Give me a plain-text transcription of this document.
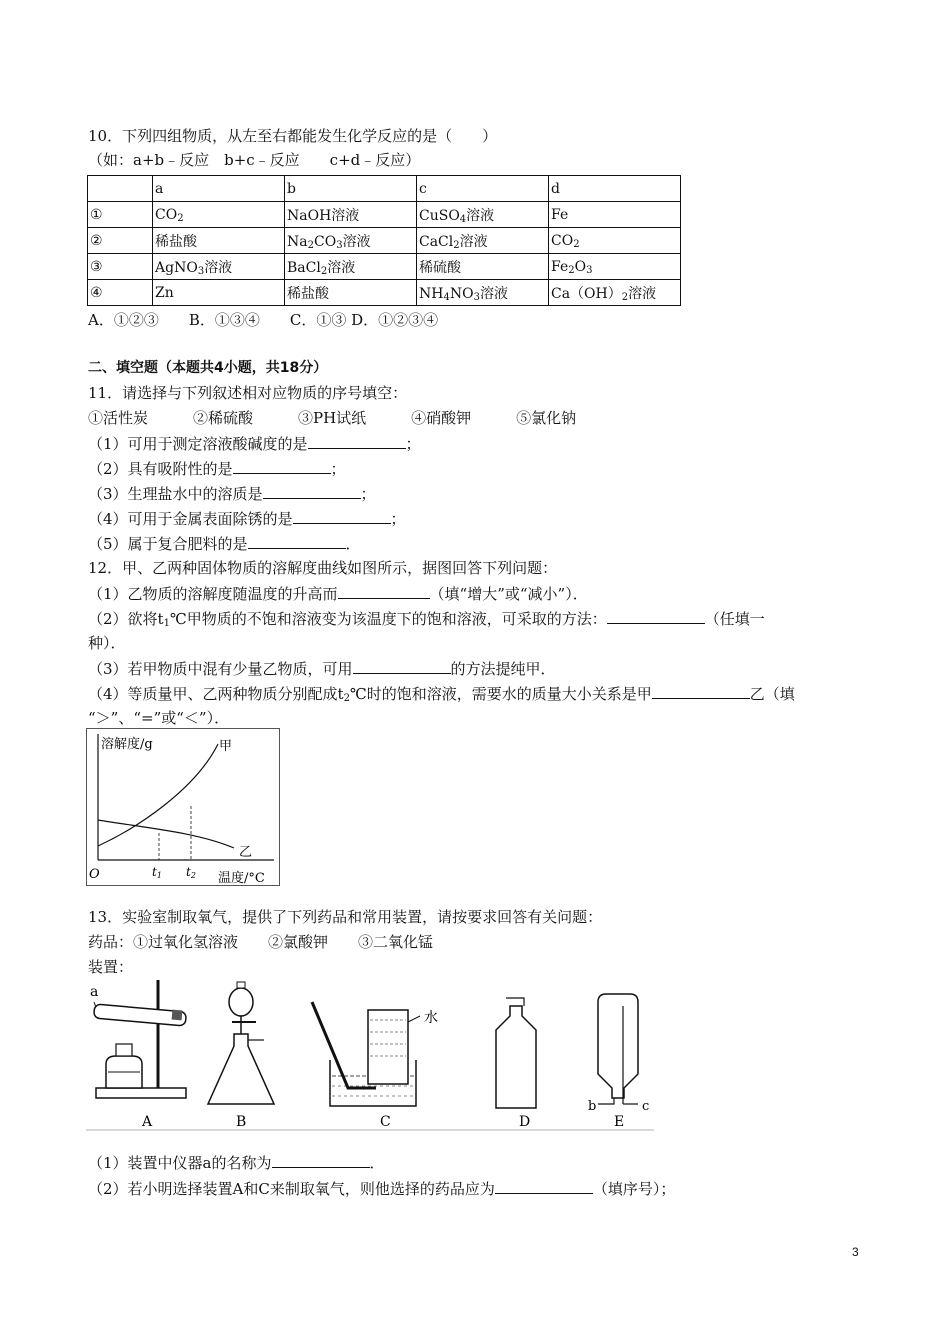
10．下列四组物质，从左至右都能发生化学反应的是（　　）
（如：a+b﹣反应　b+c﹣反应　　c+d﹣反应）
	a	b	c	d
①	$CO_2$	NaOH溶液	CuSO$_4$溶液	Fe
②	稀盐酸	$Na_2CO_3$溶液	CaCl$_2$溶液	$CO_2$
③	AgNO$_3$溶液	BaCl$_2$溶液	稀硫酸	$Fe_2O_3$
④	Zn	稀盐酸	$NH_4NO_3$溶液	$Ca(OH)_2$溶液
A．①②③　　B．①③④　　C．①③ D．①②③④
二、填空题（本题共4小题，共18分）
11．请选择与下列叙述相对应物质的序号填空：
①活性炭　　　②稀硫酸　　　③PH试纸　　　④硝酸钾　　　⑤氯化钠
（1）可用于测定溶液酸碱度的是	；
（2）具有吸附性的是	；
（3）生理盐水中的溶质是	；
（4）可用于金属表面除锈的是	；
（5）属于复合肥料的是	．
12．甲、乙两种固体物质的溶解度曲线如图所示，据图回答下列问题：
（1）乙物质的溶解度随温度的升高而	（填“增大”或“减小”）．
（2）欲将$t_1℃$甲物质的不饱和溶液变为该温度下的饱和溶液，可采取的方法：	（任填一
种）．
（3）若甲物质中混有少量乙物质，可用	的方法提纯甲．
（4）等质量甲、乙两种物质分别配成$t_2℃$时的饱和溶液，需要水的质量大小关系是甲	乙（填
“＞”、“=”或“＜”）．
溶解度/g	甲
乙
O	t1 t2 温度/°C
13．实验室制取氧气，提供了下列药品和常用装置，请按要求回答有关问题：
药品：①过氧化氢溶液　　②氯酸钾　　③二氧化锰
装置：
a
A	B
水
C	D
b	c
E
（1）装置中仪器a的名称为	．
（2）若小明选择装置A和C来制取氧气，则他选择的药品应为	（填序号）；
3
